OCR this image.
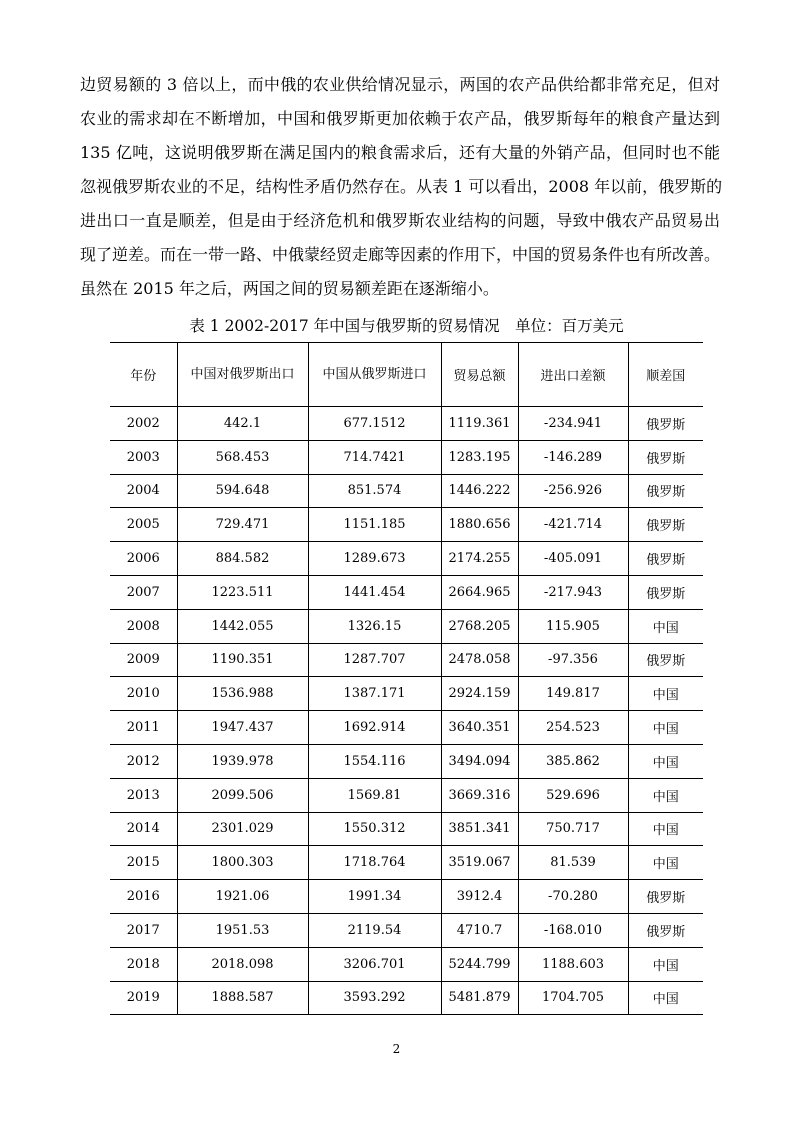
边贸易额的 3 倍以上，而中俄的农业供给情况显示，两国的农产品供给都非常充足，但对
农业的需求却在不断增加，中国和俄罗斯更加依赖于农产品，俄罗斯每年的粮食产量达到
135 亿吨，这说明俄罗斯在满足国内的粮食需求后，还有大量的外销产品，但同时也不能
忽视俄罗斯农业的不足，结构性矛盾仍然存在。从表 1 可以看出，2008 年以前，俄罗斯的
进出口一直是顺差，但是由于经济危机和俄罗斯农业结构的问题，导致中俄农产品贸易出
现了逆差。而在一带一路、中俄蒙经贸走廊等因素的作用下，中国的贸易条件也有所改善。
虽然在 2015 年之后，两国之间的贸易额差距在逐渐缩小。
表 1 2002-2017 年中国与俄罗斯的贸易情况　单位：百万美元
年份	中国对俄罗斯出口	中国从俄罗斯进口	贸易总额	进出口差额	顺差国
2002	442.1	677.1512	1119.361	-234.941	俄罗斯
2003	568.453	714.7421	1283.195	-146.289	俄罗斯
2004	594.648	851.574	1446.222	-256.926	俄罗斯
2005	729.471	1151.185	1880.656	-421.714	俄罗斯
2006	884.582	1289.673	2174.255	-405.091	俄罗斯
2007	1223.511	1441.454	2664.965	-217.943	俄罗斯
2008	1442.055	1326.15	2768.205	115.905	中国
2009	1190.351	1287.707	2478.058	-97.356	俄罗斯
2010	1536.988	1387.171	2924.159	149.817	中国
2011	1947.437	1692.914	3640.351	254.523	中国
2012	1939.978	1554.116	3494.094	385.862	中国
2013	2099.506	1569.81	3669.316	529.696	中国
2014	2301.029	1550.312	3851.341	750.717	中国
2015	1800.303	1718.764	3519.067	81.539	中国
2016	1921.06	1991.34	3912.4	-70.280	俄罗斯
2017	1951.53	2119.54	4710.7	-168.010	俄罗斯
2018	2018.098	3206.701	5244.799	1188.603	中国
2019	1888.587	3593.292	5481.879	1704.705	中国
2
